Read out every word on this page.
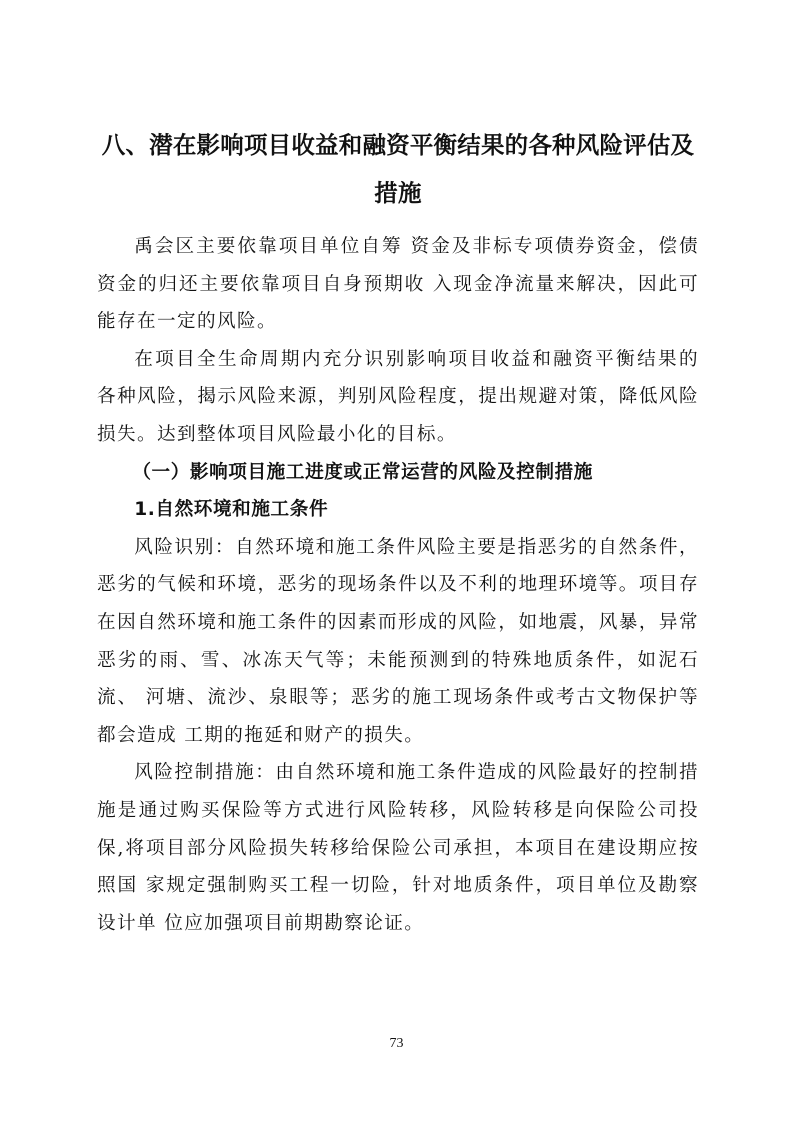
八、潜在影响项目收益和融资平衡结果的各种风险评估及措施

禹会区主要依靠项目单位自筹 资金及非标专项债券资金，偿债资金的归还主要依靠项目自身预期收 入现金净流量来解决，因此可能存在一定的风险。

在项目全生命周期内充分识别影响项目收益和融资平衡结果的 各种风险，揭示风险来源，判别风险程度，提出规避对策，降低风险 损失。达到整体项目风险最小化的目标。

（一）影响项目施工进度或正常运营的风险及控制措施

1.自然环境和施工条件

风险识别：自然环境和施工条件风险主要是指恶劣的自然条件，恶劣的气候和环境，恶劣的现场条件以及不利的地理环境等。项目存 在因自然环境和施工条件的因素而形成的风险，如地震，风暴，异常 恶劣的雨、雪、冰冻天气等；未能预测到的特殊地质条件，如泥石流、 河塘、流沙、泉眼等；恶劣的施工现场条件或考古文物保护等都会造成 工期的拖延和财产的损失。

风险控制措施：由自然环境和施工条件造成的风险最好的控制措 施是通过购买保险等方式进行风险转移，风险转移是向保险公司投保,将项目部分风险损失转移给保险公司承担，本项目在建设期应按照国 家规定强制购买工程一切险，针对地质条件，项目单位及勘察设计单 位应加强项目前期勘察论证。

73
